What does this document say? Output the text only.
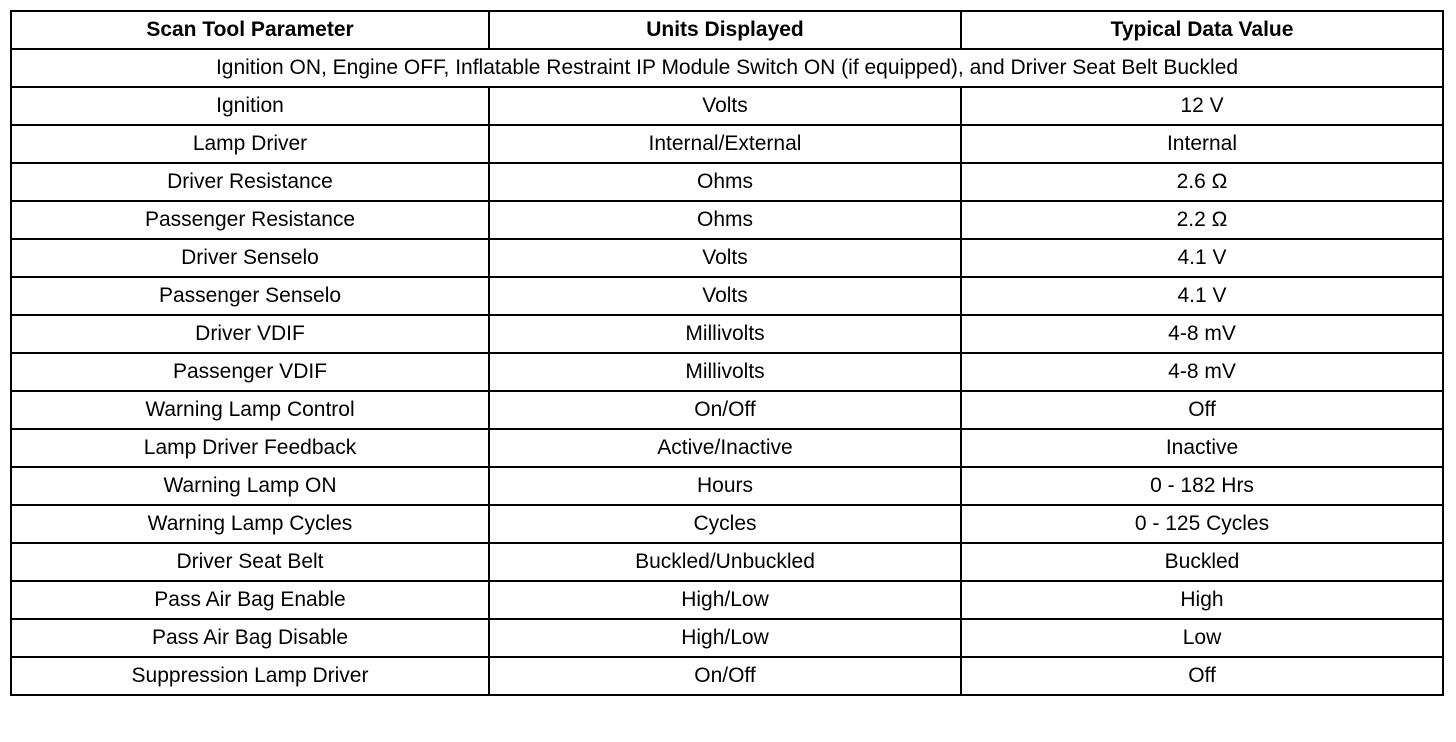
Scan Tool Parameter	Units Displayed	Typical Data Value
Ignition ON, Engine OFF, Inflatable Restraint IP Module Switch ON (if equipped), and Driver Seat Belt Buckled		
Ignition	Volts	12 V
Lamp Driver	Internal/External	Internal
Driver Resistance	Ohms	2.6 Ω
Passenger Resistance	Ohms	2.2 Ω
Driver Senselo	Volts	4.1 V
Passenger Senselo	Volts	4.1 V
Driver VDIF	Millivolts	4-8 mV
Passenger VDIF	Millivolts	4-8 mV
Warning Lamp Control	On/Off	Off
Lamp Driver Feedback	Active/Inactive	Inactive
Warning Lamp ON	Hours	0 - 182 Hrs
Warning Lamp Cycles	Cycles	0 - 125 Cycles
Driver Seat Belt	Buckled/Unbuckled	Buckled
Pass Air Bag Enable	High/Low	High
Pass Air Bag Disable	High/Low	Low
Suppression Lamp Driver	On/Off	Off
